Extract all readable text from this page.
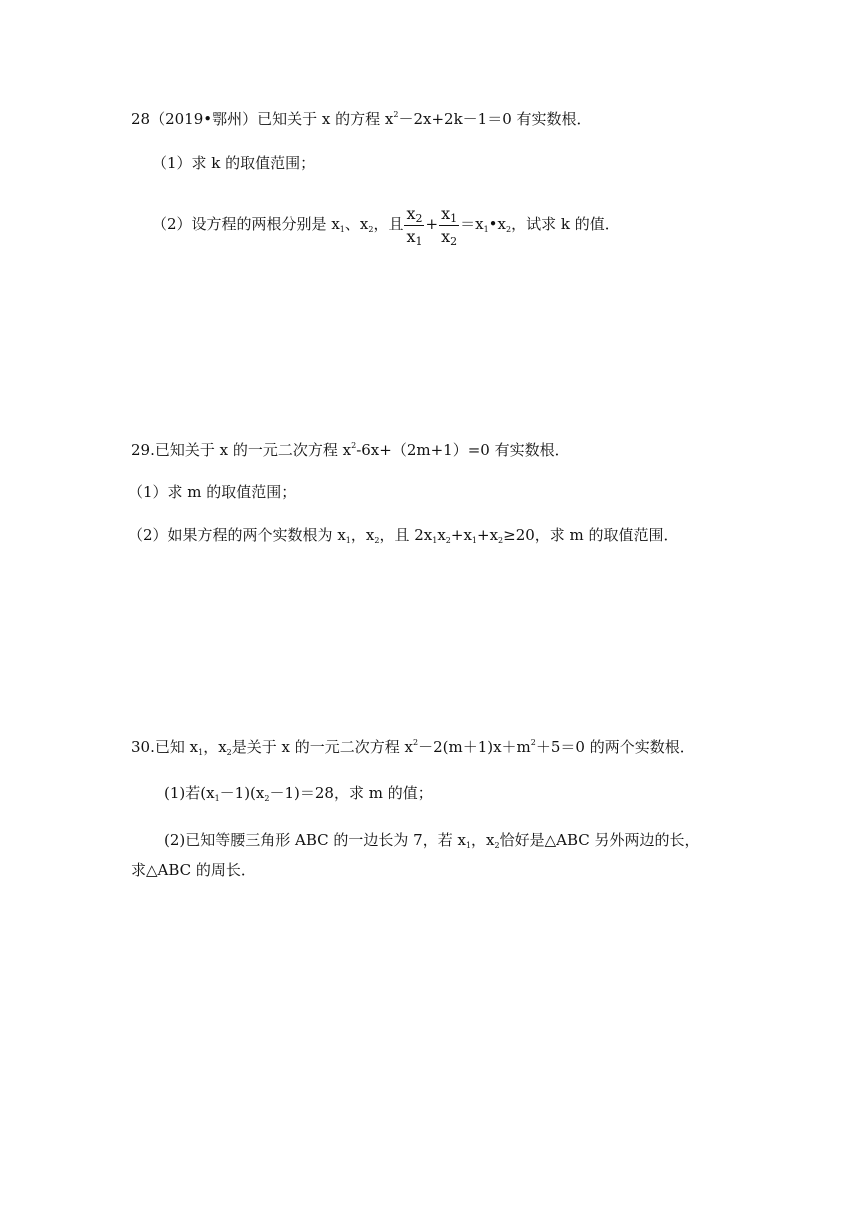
28（2019•鄂州）已知关于 x 的方程 $x^2-2x+2k-1=0$ 有实数根．
（1）求 k 的取值范围；
（2）设方程的两根分别是 $x_1$、$x_2$，且 $\frac{x_2}{x_1} + \frac{x_1}{x_2}$ $=x_1•x_2$，试求 k 的值．
29.已知关于 x 的一元二次方程 $x^2-6x+(2m+1)=0$ 有实数根．
（1）求 m 的取值范围；
（2）如果方程的两个实数根为 $x_1$，$x_2$，且 $2x_1x_2+x_1+x_2\ge 20$，求 m 的取值范围．
30.已知 $x_1$，$x_2$是关于 x 的一元二次方程 $x^2-2(m+1)x+m^2+5=0$ 的两个实数根．
(1)若$(x_1-1)(x_2-1)=28$，求 m 的值；
(2)已知等腰三角形 ABC 的一边长为 7，若 $x_1$，$x_2$恰好是△ABC 另外两边的长，
求△ABC 的周长．
